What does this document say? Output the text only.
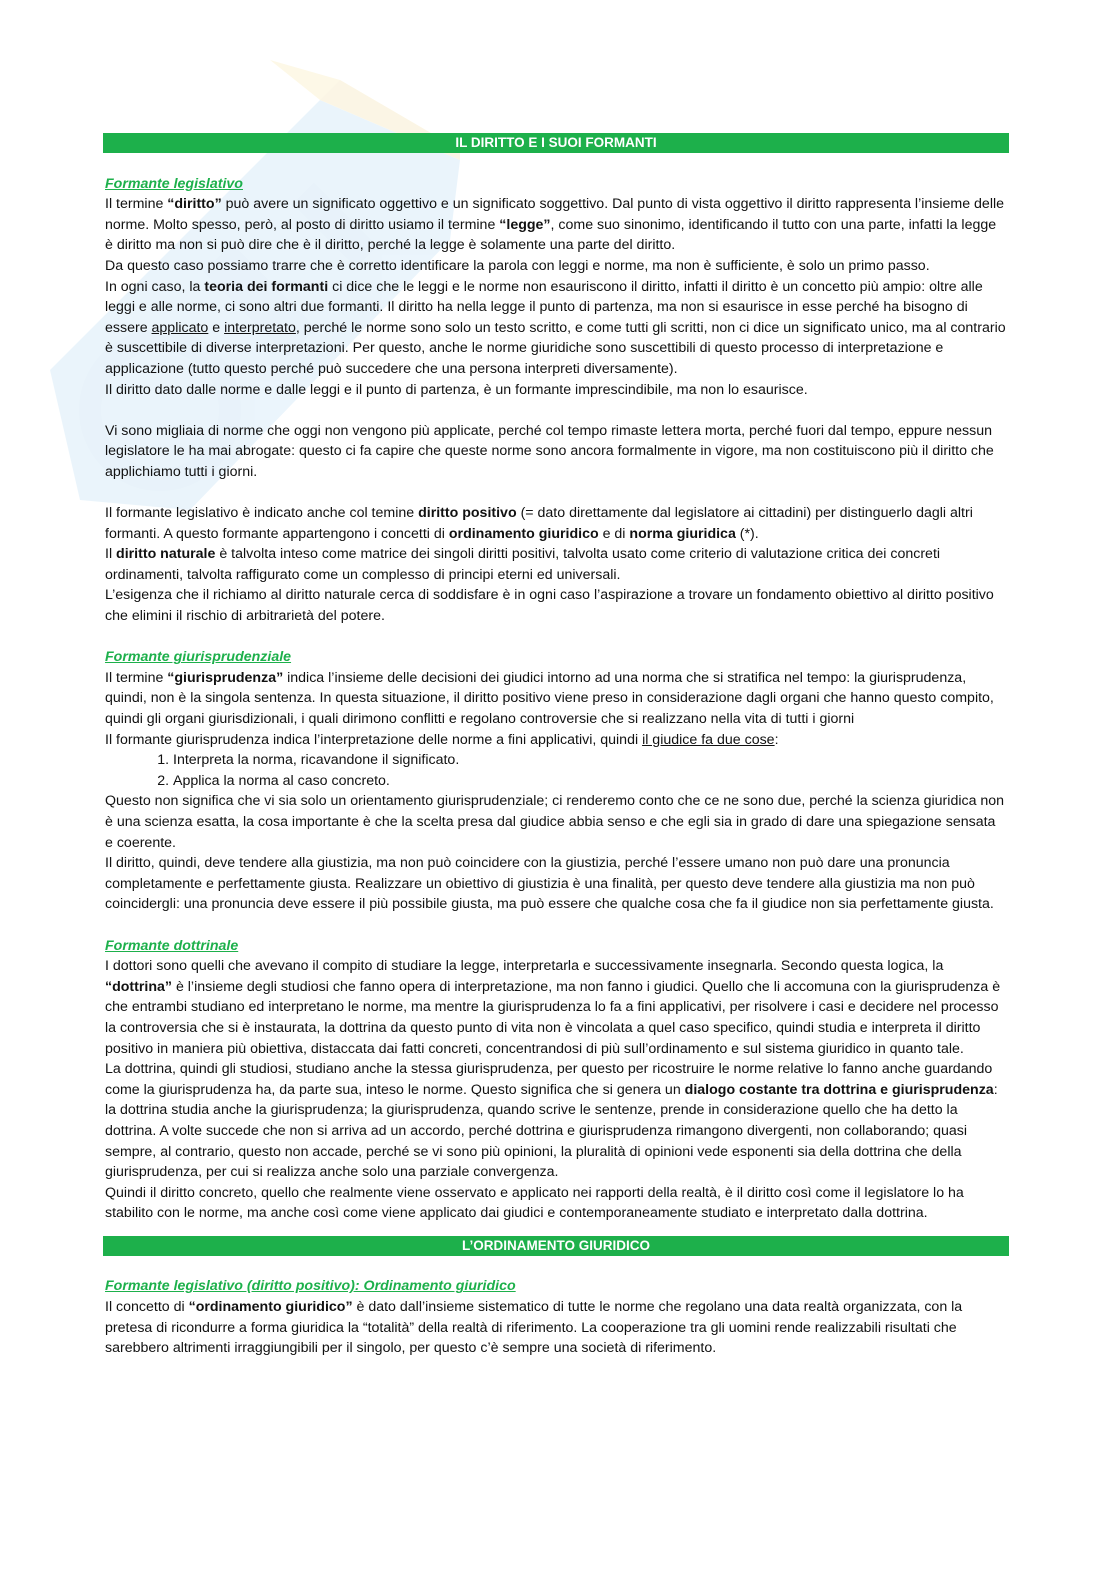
IL DIRITTO E I SUOI FORMANTI
Formante legislativo

Il termine “diritto” può avere un significato oggettivo e un significato soggettivo. Dal punto di vista oggettivo il diritto rappresenta l’insieme delle norme. Molto spesso, però, al posto di diritto usiamo il termine “legge”, come suo sinonimo, identificando il tutto con una parte, infatti la legge è diritto ma non si può dire che è il diritto, perché la legge è solamente una parte del diritto.

Da questo caso possiamo trarre che è corretto identificare la parola con leggi e norme, ma non è sufficiente, è solo un primo passo.

In ogni caso, la teoria dei formanti ci dice che le leggi e le norme non esauriscono il diritto, infatti il diritto è un concetto più ampio: oltre alle leggi e alle norme, ci sono altri due formanti. Il diritto ha nella legge il punto di partenza, ma non si esaurisce in esse perché ha bisogno di essere applicato e interpretato, perché le norme sono solo un testo scritto, e come tutti gli scritti, non ci dice un significato unico, ma al contrario è suscettibile di diverse interpretazioni. Per questo, anche le norme giuridiche sono suscettibili di questo processo di interpretazione e applicazione (tutto questo perché può succedere che una persona interpreti diversamente).

Il diritto dato dalle norme e dalle leggi e il punto di partenza, è un formante imprescindibile, ma non lo esaurisce.

Vi sono migliaia di norme che oggi non vengono più applicate, perché col tempo rimaste lettera morta, perché fuori dal tempo, eppure nessun legislatore le ha mai abrogate: questo ci fa capire che queste norme sono ancora formalmente in vigore, ma non costituiscono più il diritto che applichiamo tutti i giorni.

Il formante legislativo è indicato anche col temine diritto positivo (= dato direttamente dal legislatore ai cittadini) per distinguerlo dagli altri formanti. A questo formante appartengono i concetti di ordinamento giuridico e di norma giuridica (*).

Il diritto naturale è talvolta inteso come matrice dei singoli diritti positivi, talvolta usato come criterio di valutazione critica dei concreti ordinamenti, talvolta raffigurato come un complesso di principi eterni ed universali.

L’esigenza che il richiamo al diritto naturale cerca di soddisfare è in ogni caso l’aspirazione a trovare un fondamento obiettivo al diritto positivo che elimini il rischio di arbitrarietà del potere.

Formante giurisprudenziale

Il termine “giurisprudenza” indica l’insieme delle decisioni dei giudici intorno ad una norma che si stratifica nel tempo: la giurisprudenza, quindi, non è la singola sentenza. In questa situazione, il diritto positivo viene preso in considerazione dagli organi che hanno questo compito, quindi gli organi giurisdizionali, i quali dirimono conflitti e regolano controversie che si realizzano nella vita di tutti i giorni

Il formante giurisprudenza indica l’interpretazione delle norme a fini applicativi, quindi il giudice fa due cose:

1. Interpreta la norma, ricavandone il significato.
2. Applica la norma al caso concreto.

Questo non significa che vi sia solo un orientamento giurisprudenziale; ci renderemo conto che ce ne sono due, perché la scienza giuridica non è una scienza esatta, la cosa importante è che la scelta presa dal giudice abbia senso e che egli sia in grado di dare una spiegazione sensata e coerente.

Il diritto, quindi, deve tendere alla giustizia, ma non può coincidere con la giustizia, perché l’essere umano non può dare una pronuncia completamente e perfettamente giusta. Realizzare un obiettivo di giustizia è una finalità, per questo deve tendere alla giustizia ma non può coincidergli: una pronuncia deve essere il più possibile giusta, ma può essere che qualche cosa che fa il giudice non sia perfettamente giusta.

Formante dottrinale

I dottori sono quelli che avevano il compito di studiare la legge, interpretarla e successivamente insegnarla. Secondo questa logica, la “dottrina” è l’insieme degli studiosi che fanno opera di interpretazione, ma non fanno i giudici. Quello che li accomuna con la giurisprudenza è che entrambi studiano ed interpretano le norme, ma mentre la giurisprudenza lo fa a fini applicativi, per risolvere i casi e decidere nel processo la controversia che si è instaurata, la dottrina da questo punto di vita non è vincolata a quel caso specifico, quindi studia e interpreta il diritto positivo in maniera più obiettiva, distaccata dai fatti concreti, concentrandosi di più sull’ordinamento e sul sistema giuridico in quanto tale.

La dottrina, quindi gli studiosi, studiano anche la stessa giurisprudenza, per questo per ricostruire le norme relative lo fanno anche guardando come la giurisprudenza ha, da parte sua, inteso le norme. Questo significa che si genera un dialogo costante tra dottrina e giurisprudenza: la dottrina studia anche la giurisprudenza; la giurisprudenza, quando scrive le sentenze, prende in considerazione quello che ha detto la dottrina. A volte succede che non si arriva ad un accordo, perché dottrina e giurisprudenza rimangono divergenti, non collaborando; quasi sempre, al contrario, questo non accade, perché se vi sono più opinioni, la pluralità di opinioni vede esponenti sia della dottrina che della giurisprudenza, per cui si realizza anche solo una parziale convergenza.

Quindi il diritto concreto, quello che realmente viene osservato e applicato nei rapporti della realtà, è il diritto così come il legislatore lo ha stabilito con le norme, ma anche così come viene applicato dai giudici e contemporaneamente studiato e interpretato dalla dottrina.

L’ORDINAMENTO GIURIDICO
Formante legislativo (diritto positivo): Ordinamento giuridico

Il concetto di “ordinamento giuridico” è dato dall’insieme sistematico di tutte le norme che regolano una data realtà organizzata, con la pretesa di ricondurre a forma giuridica la “totalità” della realtà di riferimento. La cooperazione tra gli uomini rende realizzabili risultati che sarebbero altrimenti irraggiungibili per il singolo, per questo c’è sempre una società di riferimento.
